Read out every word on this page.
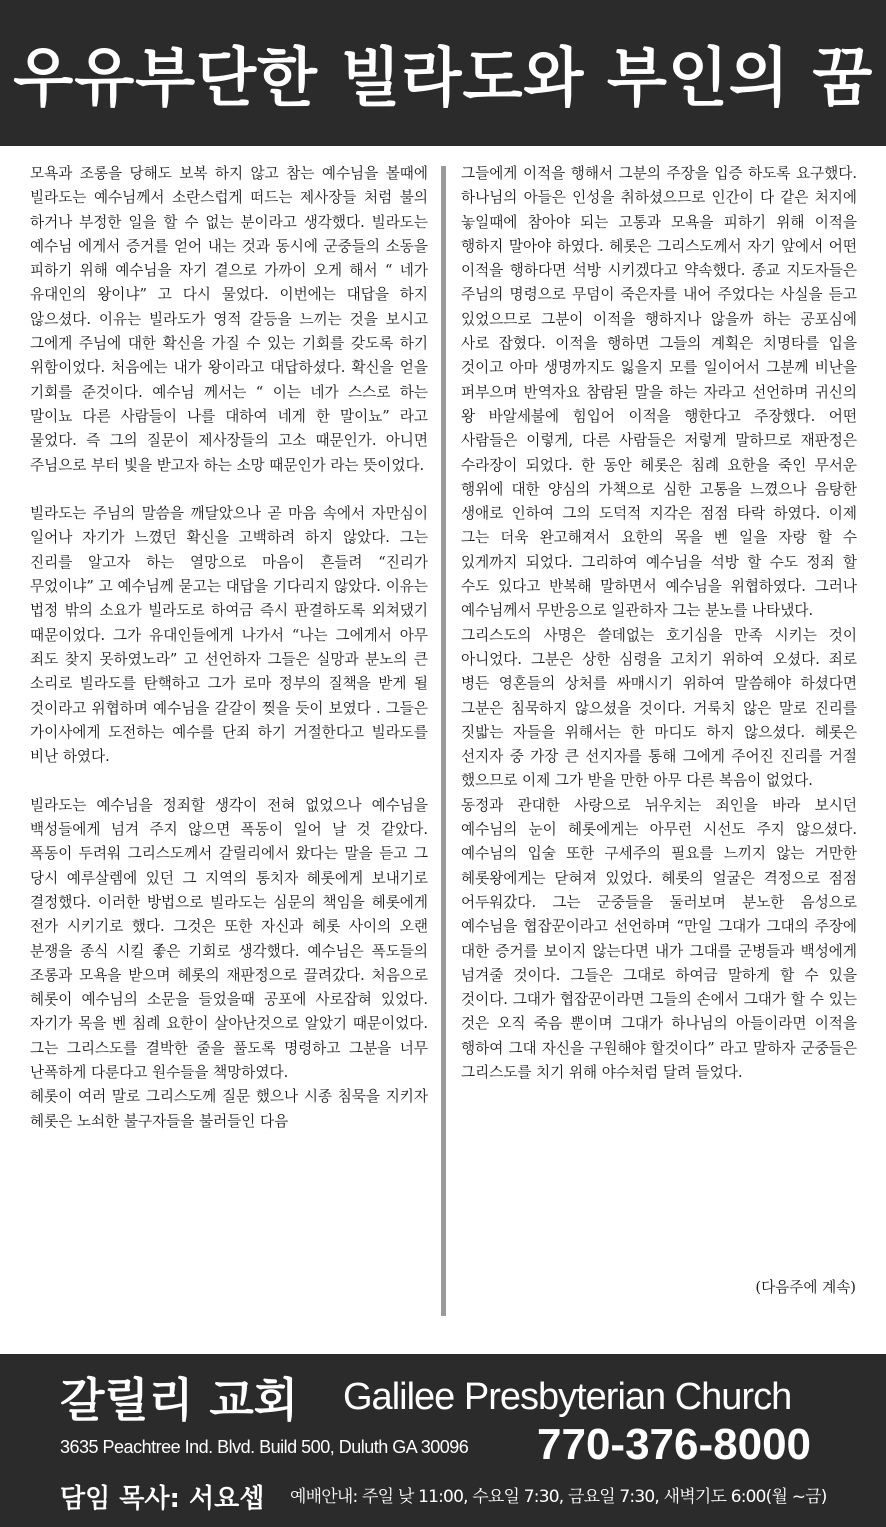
우유부단한 빌라도와 부인의 꿈

모욕과 조롱을 당해도 보복 하지 않고 참는 예수님을 볼때에 빌라도는 예수님께서 소란스럽게 떠드는 제사장들 처럼 불의 하거나 부정한 일을 할 수 없는 분이라고 생각했다. 빌라도는 예수님 에게서 증거를 얻어 내는 것과 동시에 군중들의 소동을 피하기 위해 예수님을 자기 곁으로 가까이 오게 해서 “ 네가 유대인의 왕이냐” 고 다시 물었다. 이번에는 대답을 하지 않으셨다. 이유는 빌라도가 영적 갈등을 느끼는 것을 보시고 그에게 주님에 대한 확신을 가질 수 있는 기회를 갖도록 하기 위함이었다. 처음에는 내가 왕이라고 대답하셨다. 확신을 얻을 기회를 준것이다. 예수님 께서는 “ 이는 네가 스스로 하는 말이뇨 다른 사람들이 나를 대하여 네게 한 말이뇨” 라고 물었다. 즉 그의 질문이 제사장들의 고소 때문인가. 아니면 주님으로 부터 빛을 받고자 하는 소망 때문인가 라는 뜻이었다.

빌라도는 주님의 말씀을 깨달았으나 곧 마음 속에서 자만심이 일어나 자기가 느꼈던 확신을 고백하려 하지 않았다. 그는 진리를 알고자 하는 열망으로 마음이 흔들려 “진리가 무었이냐” 고 예수님께 묻고는 대답을 기다리지 않았다. 이유는 법정 밖의 소요가 빌라도로 하여금 즉시 판결하도록 외쳐댔기 때문이었다. 그가 유대인들에게 나가서 “나는 그에게서 아무 죄도 찾지 못하였노라” 고 선언하자 그들은 실망과 분노의 큰 소리로 빌라도를 탄핵하고 그가 로마 정부의 질책을 받게 될 것이라고 위협하며 예수님을 갈갈이 찢을 듯이 보였다 . 그들은 가이사에게 도전하는 예수를 단죄 하기 거절한다고 빌라도를 비난 하였다.

빌라도는 예수님을 정죄할 생각이 전혀 없었으나 예수님을 백성들에게 넘겨 주지 않으면 폭동이 일어 날 것 같았다. 폭동이 두려워 그리스도께서 갈릴리에서 왔다는 말을 듣고 그 당시 예루살렘에 있던 그 지역의 통치자 헤롯에게 보내기로 결정했다. 이러한 방법으로 빌라도는 심문의 책임을 헤롯에게 전가 시키기로 했다. 그것은 또한 자신과 헤롯 사이의 오랜 분쟁을 종식 시킬 좋은 기회로 생각했다. 예수님은 폭도들의 조롱과 모욕을 받으며 헤롯의 재판정으로 끌려갔다. 처음으로 헤롯이 예수님의 소문을 들었을때 공포에 사로잡혀 있었다. 자기가 목을 벤 침례 요한이 살아난것으로 알았기 때문이었다. 그는 그리스도를 결박한 줄을 풀도록 명령하고 그분을 너무 난폭하게 다룬다고 원수들을 책망하였다.

헤롯이 여러 말로 그리스도께 질문 했으나 시종 침묵을 지키자 헤롯은 노쇠한 불구자들을 불러들인 다음

그들에게 이적을 행해서 그분의 주장을 입증 하도록 요구했다. 하나님의 아들은 인성을 취하셨으므로 인간이 다 같은 처지에 놓일때에 참아야 되는 고통과 모욕을 피하기 위해 이적을 행하지 말아야 하였다. 헤롯은 그리스도께서 자기 앞에서 어떤 이적을 행하다면 석방 시키겠다고 약속했다. 종교 지도자들은 주님의 명령으로 무덤이 죽은자를 내어 주었다는 사실을 듣고 있었으므로 그분이 이적을 행하지나 않을까 하는 공포심에 사로 잡혔다. 이적을 행하면 그들의 계획은 치명타를 입을 것이고 아마 생명까지도 잃을지 모를 일이어서 그분께 비난을 퍼부으며 반역자요 참람된 말을 하는 자라고 선언하며 귀신의 왕 바알세불에 힘입어 이적을 행한다고 주장했다. 어떤 사람들은 이렇게, 다른 사람들은 저렇게 말하므로 재판정은 수라장이 되었다. 한 동안 헤롯은 침례 요한을 죽인 무서운 행위에 대한 양심의 가책으로 심한 고통을 느꼈으나 음탕한 생애로 인하여 그의 도덕적 지각은 점점 타락 하였다. 이제 그는 더욱 완고해져서 요한의 목을 벤 일을 자랑 할 수 있게까지 되었다. 그리하여 예수님을 석방 할 수도 정죄 할 수도 있다고 반복해 말하면서 예수님을 위협하였다. 그러나 예수님께서 무반응으로 일관하자 그는 분노를 나타냈다.

그리스도의 사명은 쓸데없는 호기심을 만족 시키는 것이 아니었다. 그분은 상한 심령을 고치기 위하여 오셨다. 죄로 병든 영혼들의 상처를 싸매시기 위하여 말씀해야 하셨다면 그분은 침묵하지 않으셨을 것이다. 거룩치 않은 말로 진리를 짓밟는 자들을 위해서는 한 마디도 하지 않으셨다. 헤롯은 선지자 중 가장 큰 선지자를 통해 그에게 주어진 진리를 거절 했으므로 이제 그가 받을 만한 아무 다른 복음이 없었다.

동정과 관대한 사랑으로 뉘우치는 죄인을 바라 보시던 예수님의 눈이 헤롯에게는 아무런 시선도 주지 않으셨다. 예수님의 입술 또한 구세주의 필요를 느끼지 않는 거만한 헤롯왕에게는 닫혀져 있었다. 헤롯의 얼굴은 격정으로 점점 어두워갔다. 그는 군중들을 둘러보며 분노한 음성으로 예수님을 협잡꾼이라고 선언하며 “만일 그대가 그대의 주장에 대한 증거를 보이지 않는다면 내가 그대를 군병들과 백성에게 넘겨줄 것이다. 그들은 그대로 하여금 말하게 할 수 있을 것이다. 그대가 협잡꾼이라면 그들의 손에서 그대가 할 수 있는 것은 오직 죽음 뿐이며 그대가 하나님의 아들이라면 이적을 행하여 그대 자신을 구원해야 할것이다” 라고 말하자 군중들은 그리스도를 치기 위해 야수처럼 달려 들었다.

(다음주에 계속)
갈릴리 교회 Galilee Presbyterian Church
3635 Peachtree Ind. Blvd. Build 500, Duluth GA 30096 770-376-8000
담임 목사: 서요셉 예배안내: 주일 낮 11:00, 수요일 7:30, 금요일 7:30, 새벽기도 6:00(월 ~금)
